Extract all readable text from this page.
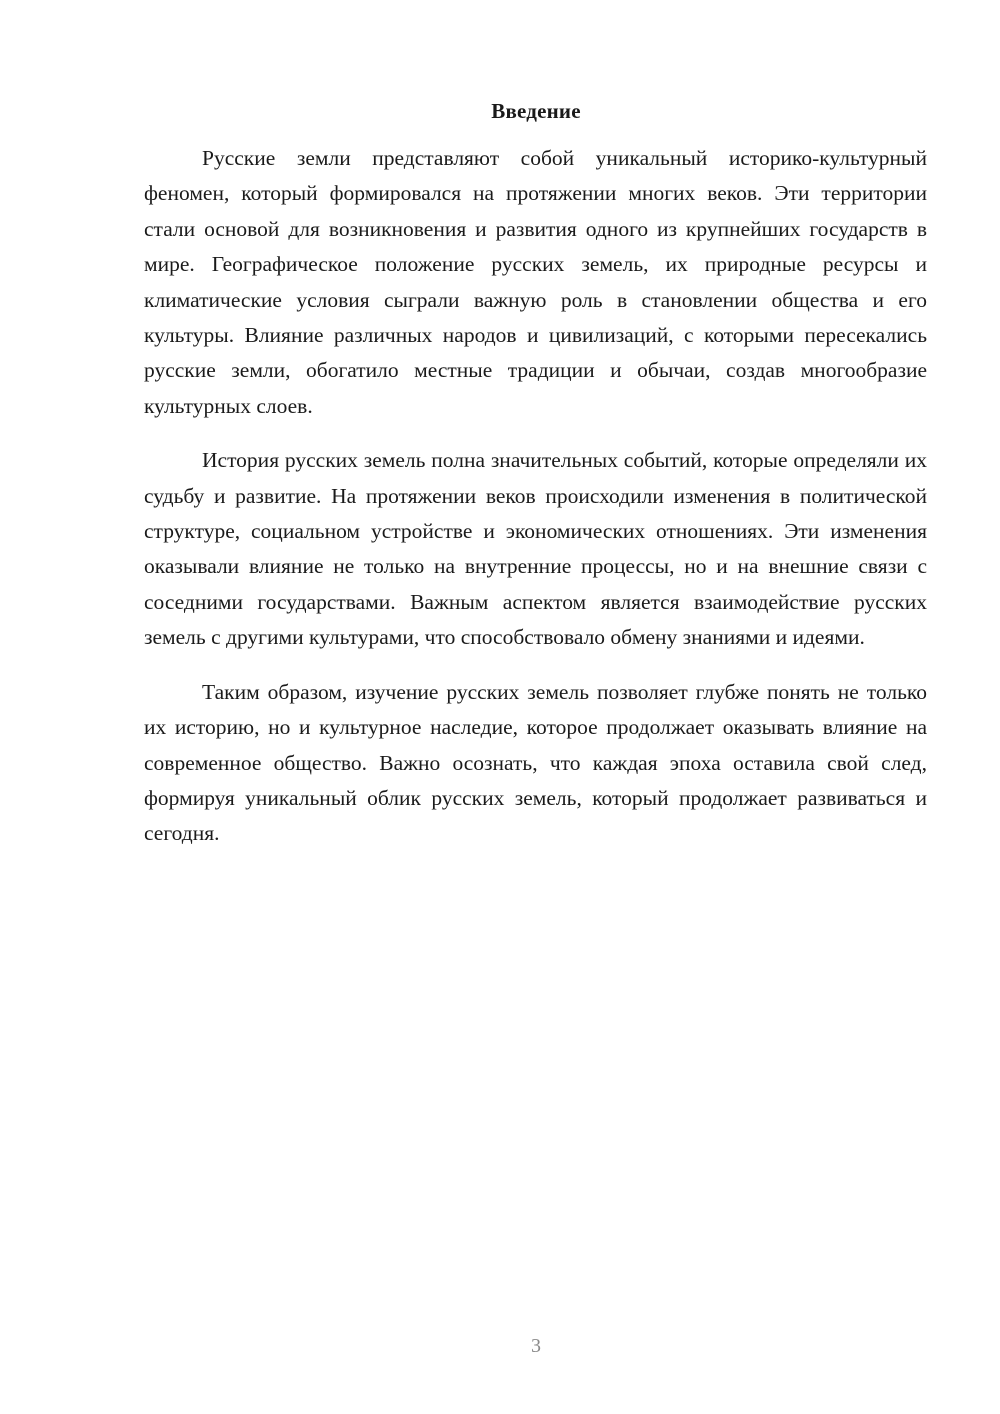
Введение

Русские земли представляют собой уникальный историко-культурный феномен, который формировался на протяжении многих веков. Эти территории стали основой для возникновения и развития одного из крупнейших государств в мире. Географическое положение русских земель, их природные ресурсы и климатические условия сыграли важную роль в становлении общества и его культуры. Влияние различных народов и цивилизаций, с которыми пересекались русские земли, обогатило местные традиции и обычаи, создав многообразие культурных слоев.

История русских земель полна значительных событий, которые определяли их судьбу и развитие. На протяжении веков происходили изменения в политической структуре, социальном устройстве и экономических отношениях. Эти изменения оказывали влияние не только на внутренние процессы, но и на внешние связи с соседними государствами. Важным аспектом является взаимодействие русских земель с другими культурами, что способствовало обмену знаниями и идеями.

Таким образом, изучение русских земель позволяет глубже понять не только их историю, но и культурное наследие, которое продолжает оказывать влияние на современное общество. Важно осознать, что каждая эпоха оставила свой след, формируя уникальный облик русских земель, который продолжает развиваться и сегодня.

3
